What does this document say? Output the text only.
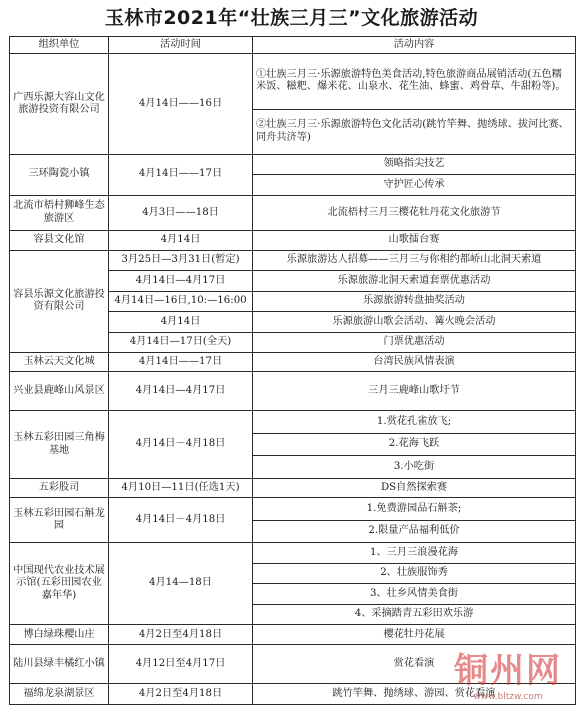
玉林市2021年“壮族三月三”文化旅游活动
组织单位	活动时间	活动内容
广西乐源大容山文化旅游投资有限公司	4月14日——16日	①壮族三月三·乐源旅游特色美食活动,特色旅游商品展销活动(五色糯米饭、糍粑、爆米花、山泉水、花生油、蜂蜜、鸡骨草、牛甜粉等)。
		②壮族三月三·乐源旅游特色文化活动(跳竹竿舞、抛绣球、拔河比赛、同舟共济等)
三环陶瓷小镇	4月14日——17日	领略指尖技艺
		守护匠心传承
北流市梧村狮峰生态旅游区	4月3日——18日	北流梧村三月三樱花牡丹花文化旅游节
容县文化馆	4月14日	山歌擂台赛
容县乐源文化旅游投资有限公司	3月25日—3月31日(暂定)	乐源旅游达人招募——三月三与你相约都峤山北洞天索道
	4月14日—4月17日	乐源旅游北洞天索道套票优惠活动
	4月14日—16日,10:—16:00	乐源旅游转盘抽奖活动
	4月14日	乐源旅游山歌会活动、篝火晚会活动
	4月14日—17日(全天)	门票优惠活动
玉林云天文化城	4月14日——17日	台湾民族风情表演
兴业县鹿峰山风景区	4月14日—4月17日	三月三鹿峰山歌圩节
玉林五彩田园三角梅基地	4月14日－4月18日	1.赏花孔雀放飞;
		2.花海飞跃
		3.小吃街
五彩股司	4月10日—11日(任选1天)	DS自然探索赛
玉林五彩田园石斛龙园	4月14日－4月18日	1.免费游园品石斛茶;
		2.限量产品福利低价
中国现代农业技术展示馆(五彩田园农业嘉年华)	4月14—18日	1、三月三浪漫花海
		2、壮族服饰秀
		3、壮乡风情美食街
		4、采摘踏青五彩田欢乐游
博白绿珠樱山庄	4月2日至4月18日	樱花牡丹花展
陆川县绿丰橘红小镇	4月12日至4月17日	赏花看演
福绵龙泉湖景区	4月2日至4月18日	跳竹竿舞、抛绣球、游园、赏花看演
铜州网
www.bltzw.com
